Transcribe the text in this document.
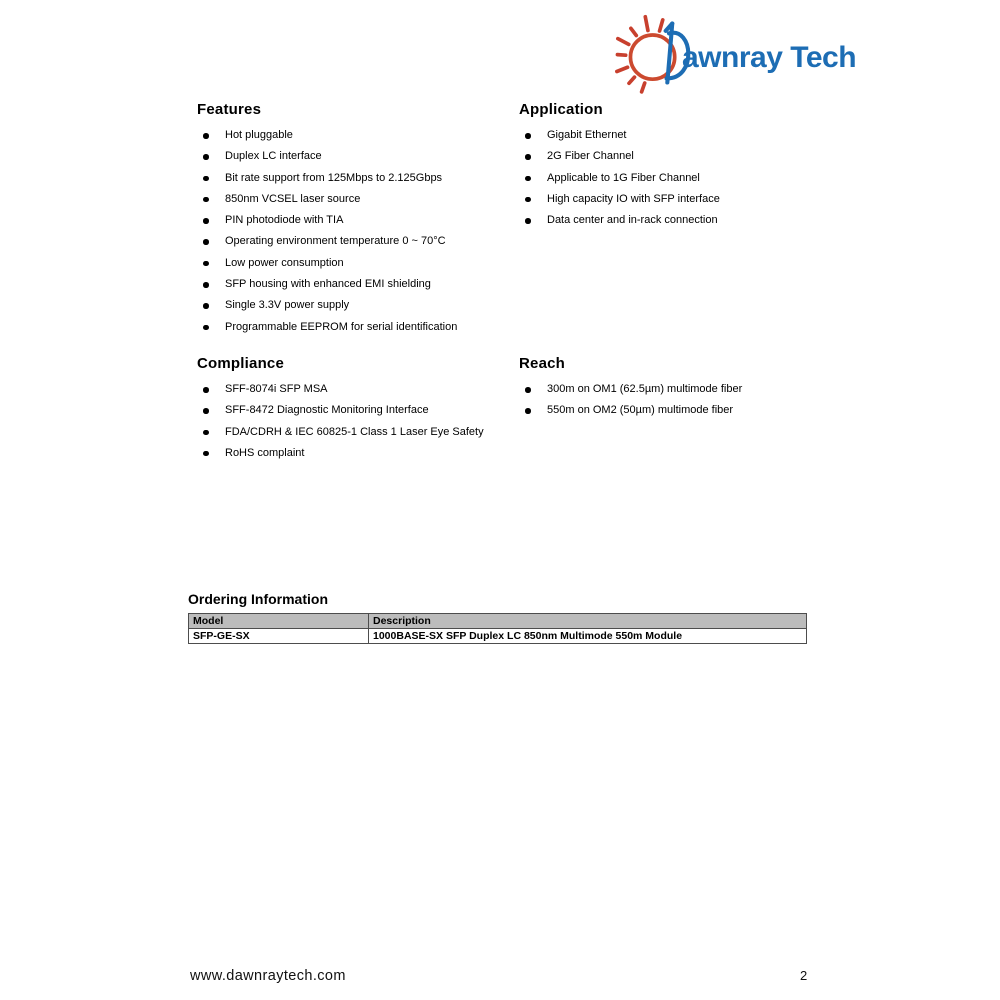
awnray Tech
Features
Hot pluggable
Duplex LC interface
Bit rate support from 125Mbps to 2.125Gbps
850nm VCSEL laser source
PIN photodiode with TIA
Operating environment temperature 0 ~ 70°C
Low power consumption
SFP housing with enhanced EMI shielding
Single 3.3V power supply
Programmable EEPROM for serial identification
Application
Gigabit Ethernet
2G Fiber Channel
Applicable to 1G Fiber Channel
High capacity IO with SFP interface
Data center and in-rack connection
Compliance
SFF-8074i SFP MSA
SFF-8472 Diagnostic Monitoring Interface
FDA/CDRH & IEC 60825-1 Class 1 Laser Eye Safety
RoHS complaint
Reach
300m on OM1 (62.5µm) multimode fiber
550m on OM2 (50µm) multimode fiber
Ordering Information
Model	Description
SFP-GE-SX	1000BASE-SX SFP Duplex LC 850nm Multimode 550m Module
www.dawnraytech.com	2
